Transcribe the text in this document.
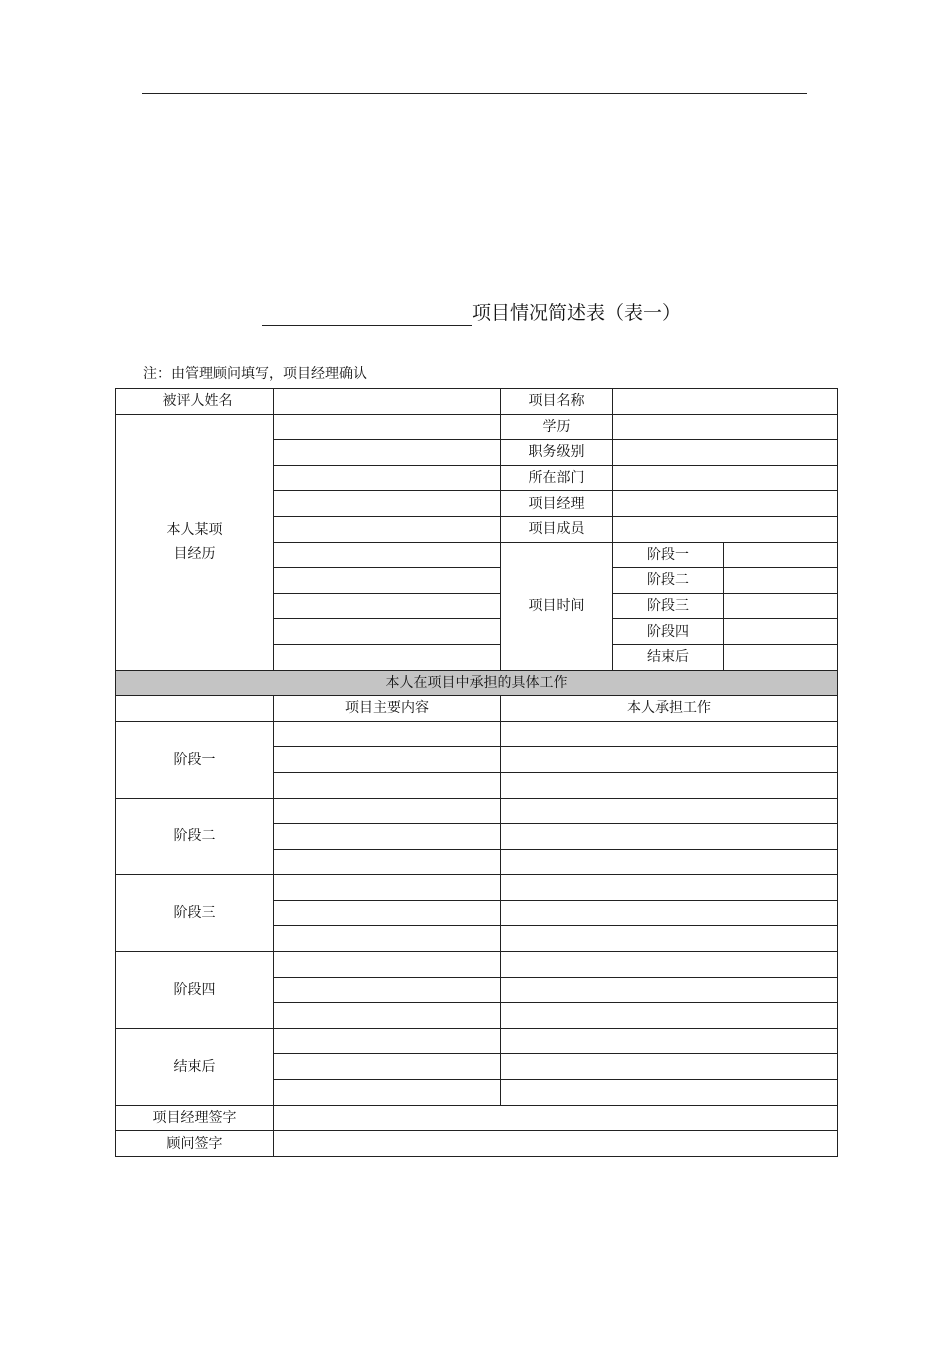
项目情况简述表（表一）
注：由管理顾问填写，项目经理确认
被评人姓名		项目名称		

本人某项目经历		学历		
		职务级别		
		所在部门		
		项目经理		
		项目成员		
		项目时间	阶段一	
			阶段二	
			阶段三	
			阶段四	
			结束后	
本人在项目中承担的具体工作				
	项目主要内容	本人承担工作		
阶段一				

阶段二				

阶段三				

阶段四				

结束后				

项目经理签字				
顾问签字				
